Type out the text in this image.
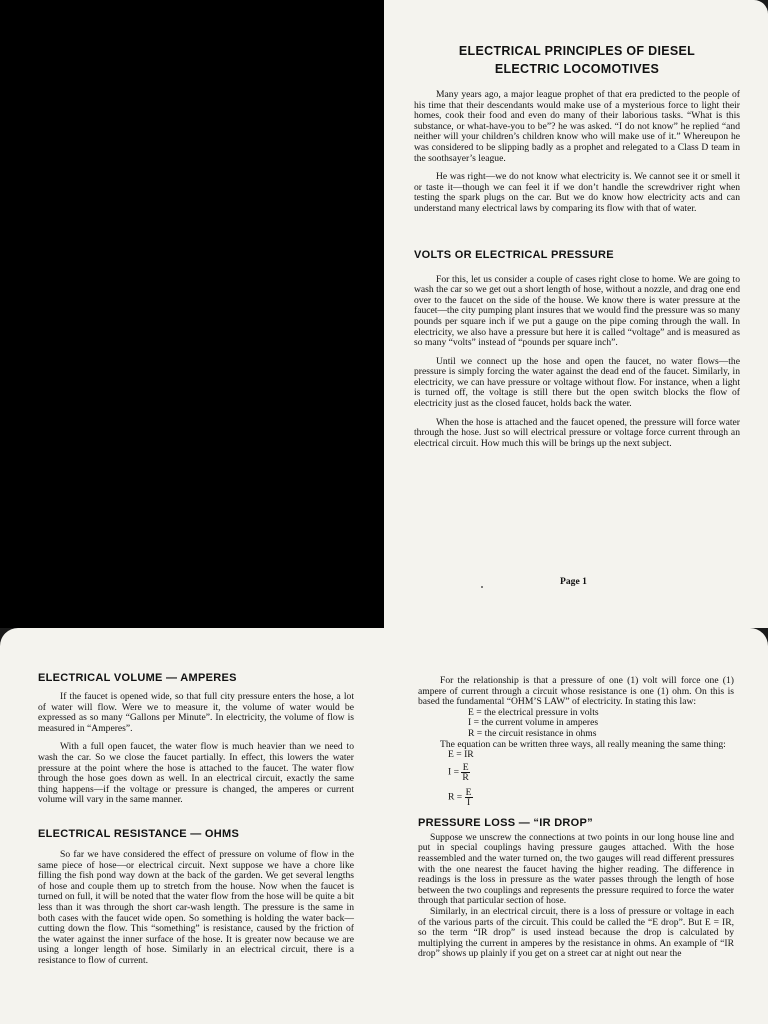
ELECTRICAL PRINCIPLES OF DIESEL
ELECTRIC LOCOMOTIVES

Many years ago, a major league prophet of that era predicted to the people of his time that their descendants would make use of a mysterious force to light their homes, cook their food and even do many of their laborious tasks. “What is this substance, or what-have-you to be”? he was asked. “I do not know” he replied “and neither will your children’s children know who will make use of it.” Whereupon he was considered to be slipping badly as a prophet and relegated to a Class D team in the soothsayer’s league.

He was right—we do not know what electricity is. We cannot see it or smell it or taste it—though we can feel it if we don’t handle the screwdriver right when testing the spark plugs on the car. But we do know how electricity acts and can understand many electrical laws by comparing its flow with that of water.

VOLTS OR ELECTRICAL PRESSURE

For this, let us consider a couple of cases right close to home. We are going to wash the car so we get out a short length of hose, without a nozzle, and drag one end over to the faucet on the side of the house. We know there is water pressure at the faucet—the city pumping plant insures that we would find the pressure was so many pounds per square inch if we put a gauge on the pipe coming through the wall. In electricity, we also have a pressure but here it is called “voltage” and is measured as so many “volts” instead of “pounds per square inch”.

Until we connect up the hose and open the faucet, no water flows—the pressure is simply forcing the water against the dead end of the faucet. Similarly, in electricity, we can have pressure or voltage without flow. For instance, when a light is turned off, the voltage is still there but the open switch blocks the flow of electricity just as the closed faucet, holds back the water.

When the hose is attached and the faucet opened, the pressure will force water through the hose. Just so will electrical pressure or voltage force current through an electrical circuit. How much this will be brings up the next subject.

Page 1
ELECTRICAL VOLUME — AMPERES

If the faucet is opened wide, so that full city pressure enters the hose, a lot of water will flow. Were we to measure it, the volume of water would be expressed as so many “Gallons per Minute”. In electricity, the volume of flow is measured in “Amperes”.

With a full open faucet, the water flow is much heavier than we need to wash the car. So we close the faucet partially. In effect, this lowers the water pressure at the point where the hose is attached to the faucet. The water flow through the hose goes down as well. In an electrical circuit, exactly the same thing happens—if the voltage or pressure is changed, the amperes or current volume will vary in the same manner.

ELECTRICAL RESISTANCE — OHMS

So far we have considered the effect of pressure on volume of flow in the same piece of hose—or electrical circuit. Next suppose we have a chore like filling the fish pond way down at the back of the garden. We get several lengths of hose and couple them up to stretch from the house. Now when the faucet is turned on full, it will be noted that the water flow from the hose will be quite a bit less than it was through the short car-wash length. The pressure is the same in both cases with the faucet wide open. So something is holding the water back—cutting down the flow. This “something” is resistance, caused by the friction of the water against the inner surface of the hose. It is greater now because we are using a longer length of hose. Similarly in an electrical circuit, there is a resistance to flow of current.

For the relationship is that a pressure of one (1) volt will force one (1) ampere of current through a circuit whose resistance is one (1) ohm. On this is based the fundamental “OHM’S LAW” of electricity. In stating this law:

E = the electrical pressure in volts
I = the current volume in amperes
R = the circuit resistance in ohms

The equation can be written three ways, all really meaning the same thing:

E = IR
$I = \frac{E}{R}$
$R = \frac{E}{I}$
PRESSURE LOSS — “IR DROP”

Suppose we unscrew the connections at two points in our long house line and put in special couplings having pressure gauges attached. With the hose reassembled and the water turned on, the two gauges will read different pressures with the one nearest the faucet having the higher reading. The difference in readings is the loss in pressure as the water passes through the length of hose between the two couplings and represents the pressure required to force the water through that particular section of hose.

Similarly, in an electrical circuit, there is a loss of pressure or voltage in each of the various parts of the circuit. This could be called the “E drop”. But E = IR, so the term “IR drop” is used instead because the drop is calculated by multiplying the current in amperes by the resistance in ohms. An example of “IR drop” shows up plainly if you get on a street car at night out near the
